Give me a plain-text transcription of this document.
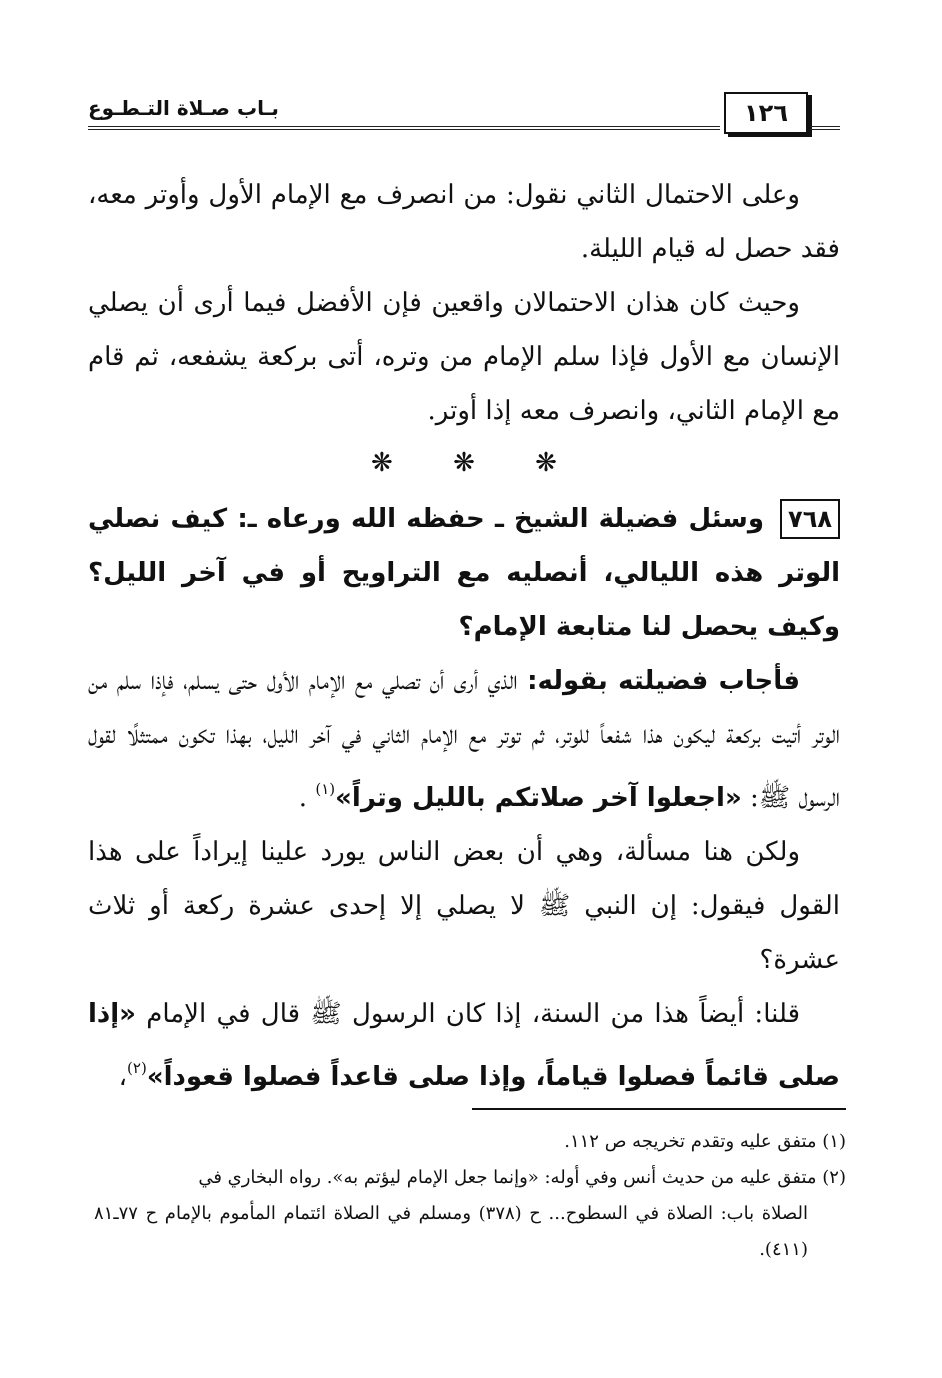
بـاب صـلاة التـطـوع	١٢٦

وعلى الاحتمال الثاني نقول: من انصرف مع الإمام الأول وأوتر معه، فقد حصل له قيام الليلة.

وحيث كان هذان الاحتمالان واقعين فإن الأفضل فيما أرى أن يصلي الإنسان مع الأول فإذا سلم الإمام من وتره، أتى بركعة يشفعه، ثم قام مع الإمام الثاني، وانصرف معه إذا أوتر.

❋ ❋ ❋

٧٦٨وسئل فضيلة الشيخ ـ حفظه الله ورعاه ـ: كيف نصلي الوتر هذه الليالي، أنصليه مع التراويح أو في آخر الليل؟ وكيف يحصل لنا متابعة الإمام؟

فأجاب فضيلته بقوله: الذي أرى أن تصلي مع الإمام الأول حتى يسلم، فإذا سلم من الوتر أتيت بركعة ليكون هذا شفعاً للوتر، ثم توتر مع الإمام الثاني في آخر الليل، بهذا تكون ممتثلًا لقول الرسول ﷺ: «اجعلوا آخر صلاتكم بالليل وتراً»$^{(١)}$ .

ولكن هنا مسألة، وهي أن بعض الناس يورد علينا إيراداً على هذا القول فيقول: إن النبي ﷺ لا يصلي إلا إحدى عشرة ركعة أو ثلاث عشرة؟

قلنا: أيضاً هذا من السنة، إذا كان الرسول ﷺ قال في الإمام «إذا صلى قائماً فصلوا قياماً، وإذا صلى قاعداً فصلوا قعوداً»$^{(٢)}$،

(١) متفق عليه وتقدم تخريجه ص ١١٢.

(٢) متفق عليه من حديث أنس وفي أوله: «وإنما جعل الإمام ليؤتم به». رواه البخاري في

الصلاة باب: الصلاة في السطوح... ح (٣٧٨) ومسلم في الصلاة ائتمام المأموم بالإمام ح ٧٧ـ٨١ (٤١١).
